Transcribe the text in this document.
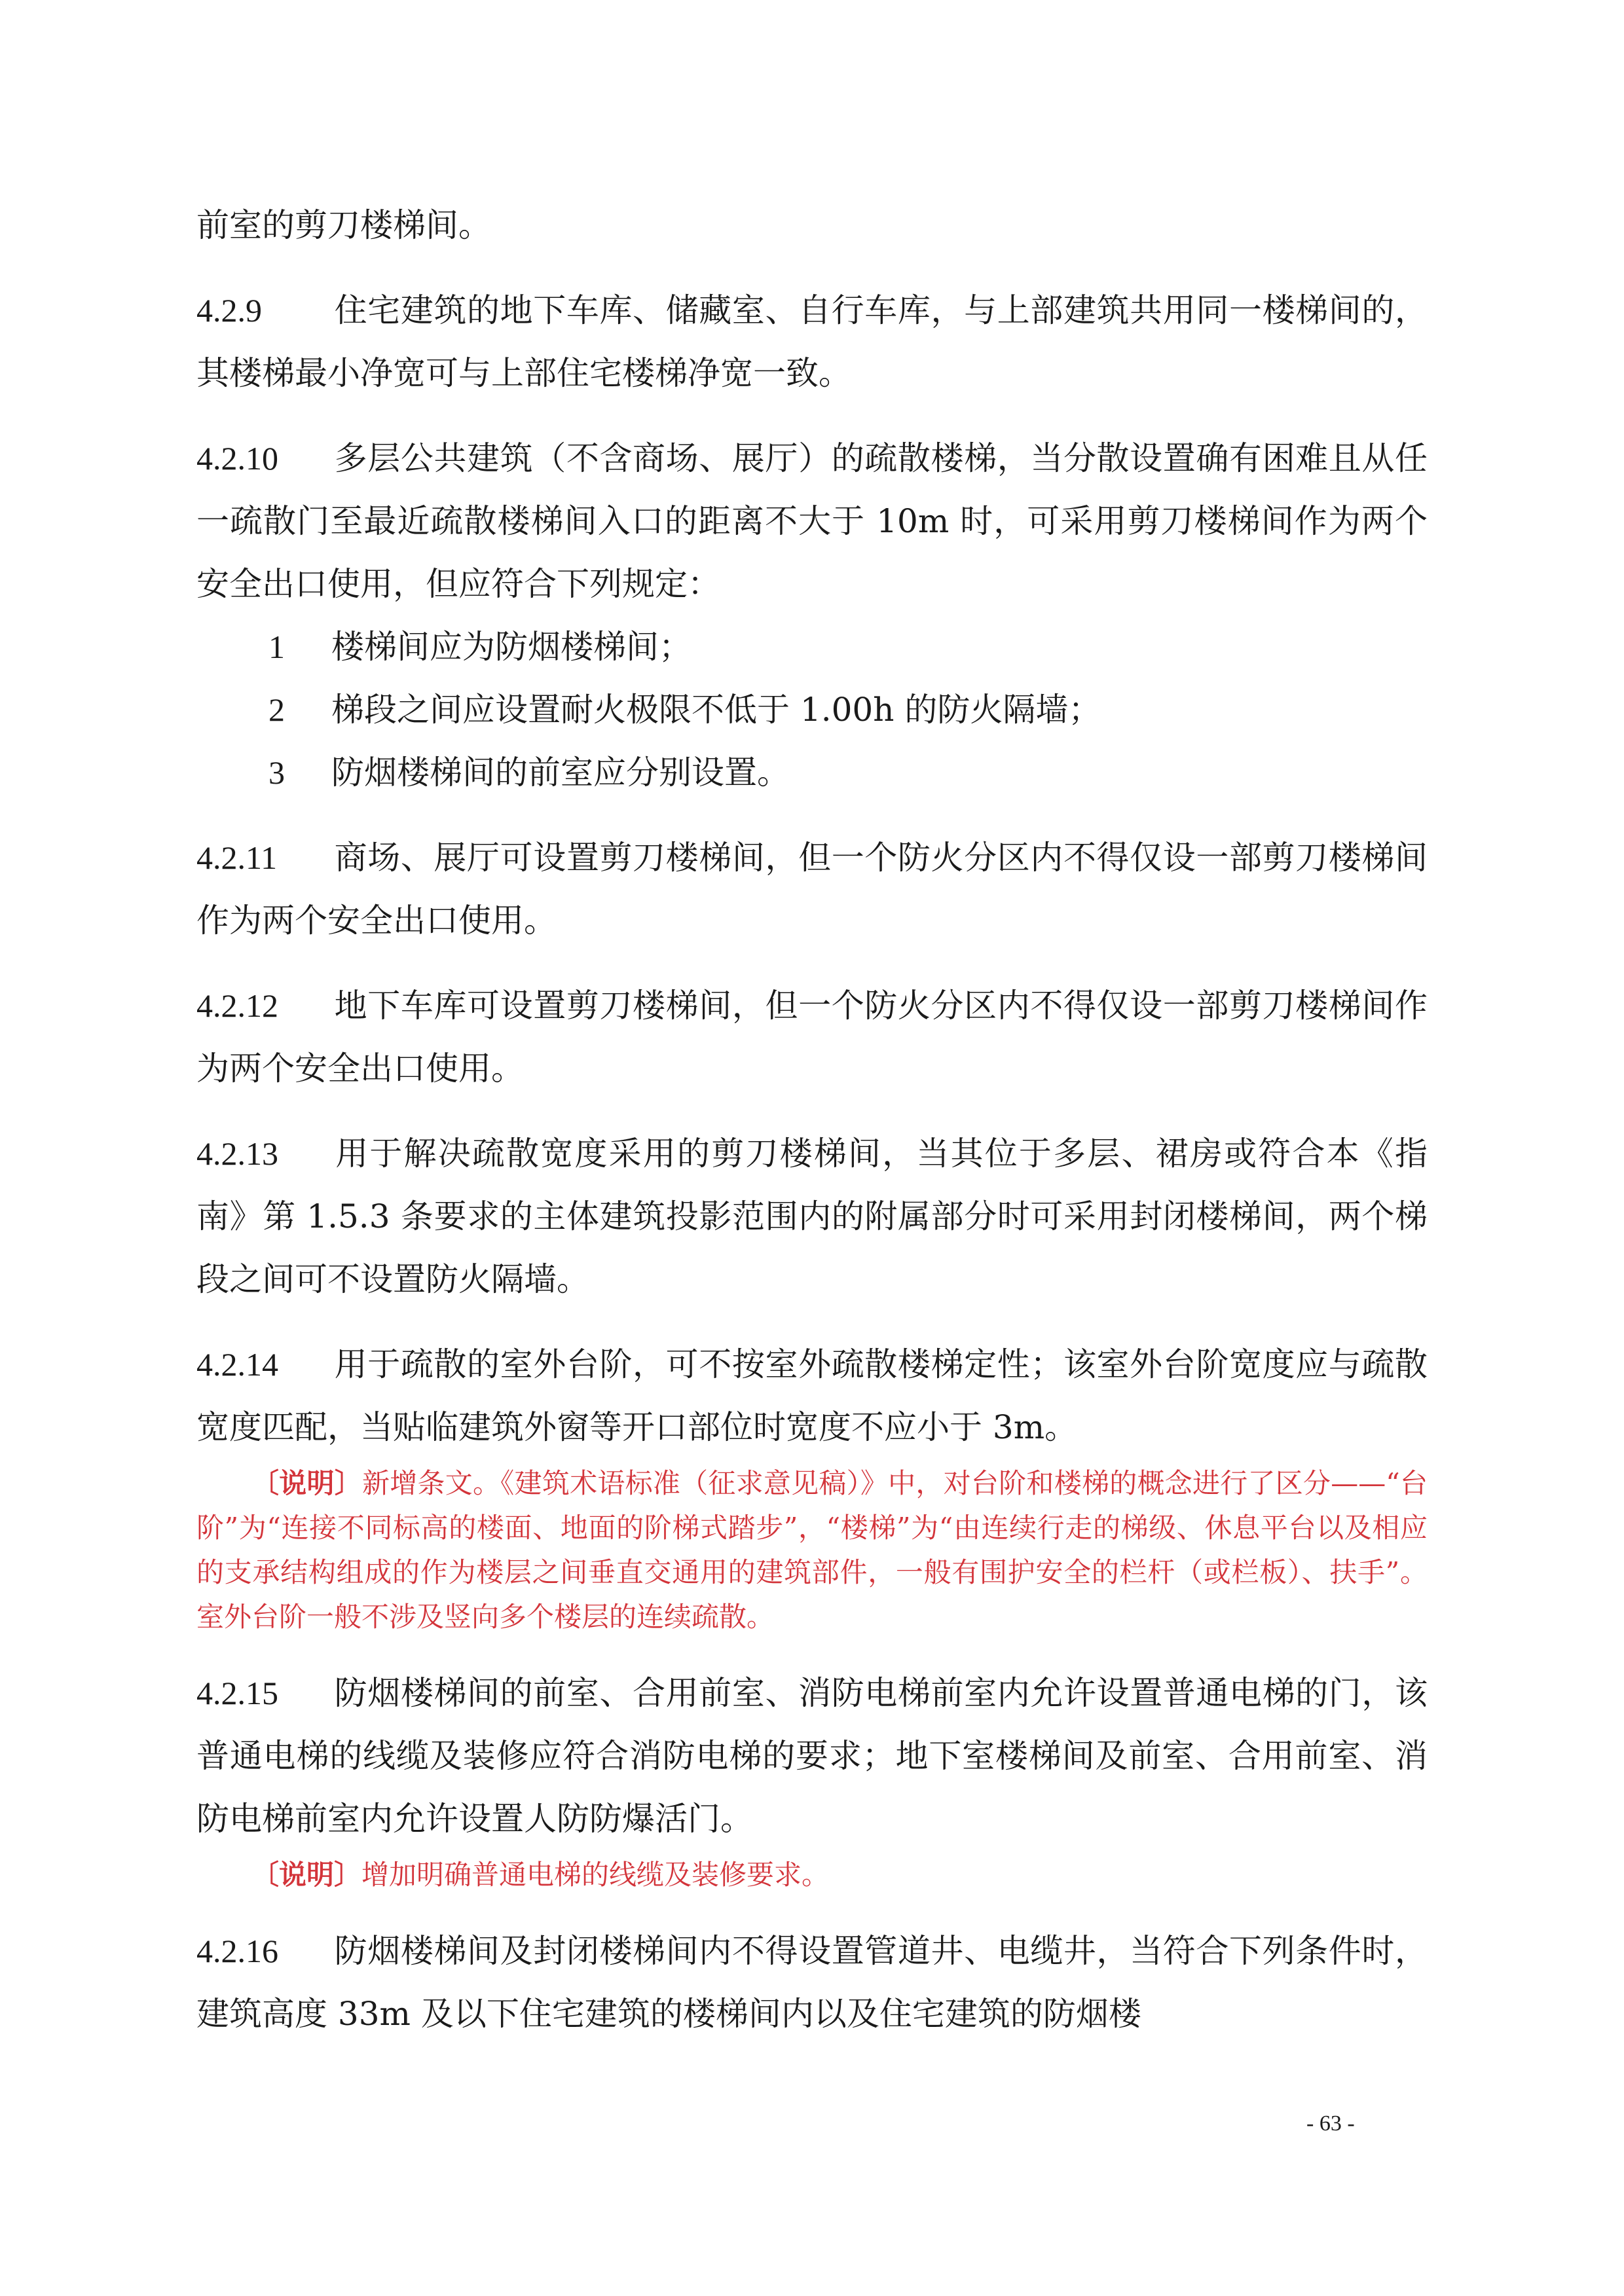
前室的剪刀楼梯间。

4.2.9 住宅建筑的地下车库、储藏室、自行车库，与上部建筑共用同一楼梯间的，其楼梯最小净宽可与上部住宅楼梯净宽一致。

4.2.10 多层公共建筑（不含商场、展厅）的疏散楼梯，当分散设置确有困难且从任一疏散门至最近疏散楼梯间入口的距离不大于 10m 时，可采用剪刀楼梯间作为两个安全出口使用，但应符合下列规定：

1 楼梯间应为防烟楼梯间；

2 梯段之间应设置耐火极限不低于 1.00h 的防火隔墙；

3 防烟楼梯间的前室应分别设置。

4.2.11 商场、展厅可设置剪刀楼梯间，但一个防火分区内不得仅设一部剪刀楼梯间作为两个安全出口使用。

4.2.12 地下车库可设置剪刀楼梯间，但一个防火分区内不得仅设一部剪刀楼梯间作为两个安全出口使用。

4.2.13 用于解决疏散宽度采用的剪刀楼梯间，当其位于多层、裙房或符合本《指南》第 1.5.3 条要求的主体建筑投影范围内的附属部分时可采用封闭楼梯间，两个梯段之间可不设置防火隔墙。

4.2.14 用于疏散的室外台阶，可不按室外疏散楼梯定性；该室外台阶宽度应与疏散宽度匹配，当贴临建筑外窗等开口部位时宽度不应小于 3m。

〔说明〕新增条文。《建筑术语标准（征求意见稿）》中，对台阶和楼梯的概念进行了区分——“台阶”为“连接不同标高的楼面、地面的阶梯式踏步”，“楼梯”为“由连续行走的梯级、休息平台以及相应的支承结构组成的作为楼层之间垂直交通用的建筑部件，一般有围护安全的栏杆（或栏板）、扶手”。室外台阶一般不涉及竖向多个楼层的连续疏散。

4.2.15 防烟楼梯间的前室、合用前室、消防电梯前室内允许设置普通电梯的门，该普通电梯的线缆及装修应符合消防电梯的要求；地下室楼梯间及前室、合用前室、消防电梯前室内允许设置人防防爆活门。

〔说明〕增加明确普通电梯的线缆及装修要求。

4.2.16 防烟楼梯间及封闭楼梯间内不得设置管道井、电缆井，当符合下列条件时，建筑高度 33m 及以下住宅建筑的楼梯间内以及住宅建筑的防烟楼

- 63 -
